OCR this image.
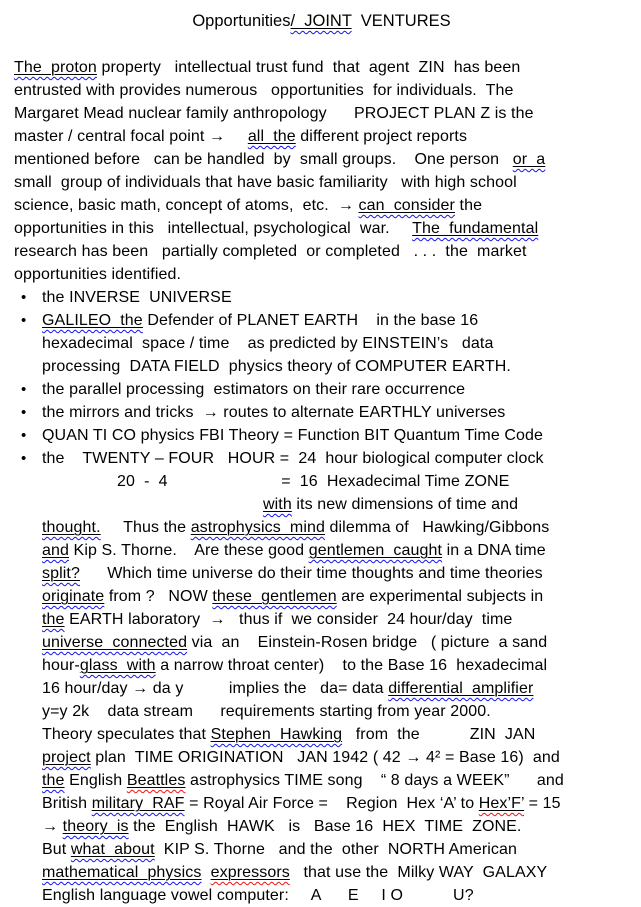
Opportunities/  JOINT  VENTURES
The  proton property   intellectual trust fund  that  agent  ZIN  has been
entrusted with provides numerous   opportunities  for individuals.  The
Margaret Mead nuclear family anthropology      PROJECT PLAN Z is the
master / central focal point →     all  the different project reports
mentioned before   can be handled  by  small groups.    One person   or  a
small  group of individuals that have basic familiarity   with high school
science, basic math, concept of atoms,  etc.  → can  consider the
opportunities in this   intellectual, psychological  war.     The  fundamental
research has been   partially completed  or completed   . . .  the  market
opportunities identified.
• the INVERSE  UNIVERSE
• GALILEO  the Defender of PLANET EARTH    in the base 16
hexadecimal  space / time    as predicted by EINSTEIN’s   data
processing  DATA FIELD  physics theory of COMPUTER EARTH.
• the parallel processing  estimators on their rare occurrence
• the mirrors and tricks  → routes to alternate EARTHLY universes
• QUAN TI CO physics FBI Theory = Function BIT Quantum Time Code
• the    TWENTY – FOUR   HOUR =  24  hour biological computer clock
20  -  4                         =  16  Hexadecimal Time ZONE
with its new dimensions of time and
thought.     Thus the astrophysics  mind dilemma of   Hawking/Gibbons
and Kip S. Thorne.    Are these good gentlemen  caught in a DNA time
split?      Which time universe do their time thoughts and time theories
originate from ?   NOW these  gentlemen are experimental subjects in
the EARTH laboratory  →   thus if  we consider  24 hour/day  time
universe  connected via  an    Einstein-Rosen bridge   ( picture  a sand
hour-glass  with a narrow throat center)    to the Base 16  hexadecimal
16 hour/day → da y          implies the   da= data differential  amplifier
y=y 2k    data stream      requirements starting from year 2000.
Theory speculates that Stephen  Hawking   from  the           ZIN  JAN
project plan  TIME ORIGINATION   JAN 1942 ( 42 → 4² = Base 16)  and
the English Beattles astrophysics TIME song    “ 8 days a WEEK”      and
British military  RAF = Royal Air Force =    Region  Hex ‘A’ to Hex’F’ = 15
→ theory  is the  English  HAWK   is   Base 16  HEX  TIME  ZONE.
But what  about  KIP S. Thorne   and the  other  NORTH American
mathematical  physics expressors   that use the  Milky WAY  GALAXY
English language vowel computer:     A      E     I O           U?
